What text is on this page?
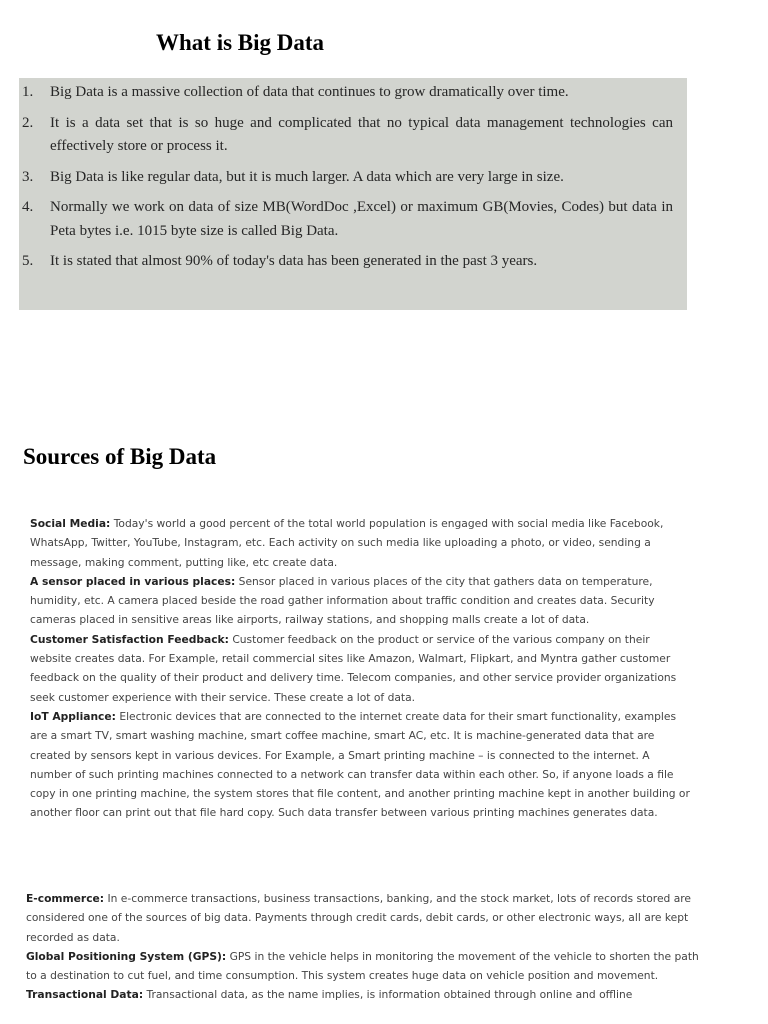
What is Big Data
1. Big Data is a massive collection of data that continues to grow dramatically over time.
2. It is a data set that is so huge and complicated that no typical data management technologies can effectively store or process it.
3. Big Data is like regular data, but it is much larger. A data which are very large in size.
4. Normally we work on data of size MB(WordDoc ,Excel) or maximum GB(Movies, Codes) but data in Peta bytes i.e. 1015 byte size is called Big Data.
5. It is stated that almost 90% of today's data has been generated in the past 3 years.
Sources of Big Data

Social Media: Today's world a good percent of the total world population is engaged with social media like Facebook, WhatsApp, Twitter, YouTube, Instagram, etc. Each activity on such media like uploading a photo, or video, sending a message, making comment, putting like, etc create data.

A sensor placed in various places: Sensor placed in various places of the city that gathers data on temperature, humidity, etc. A camera placed beside the road gather information about traffic condition and creates data. Security cameras placed in sensitive areas like airports, railway stations, and shopping malls create a lot of data.

Customer Satisfaction Feedback: Customer feedback on the product or service of the various company on their website creates data. For Example, retail commercial sites like Amazon, Walmart, Flipkart, and Myntra gather customer feedback on the quality of their product and delivery time. Telecom companies, and other service provider organizations seek customer experience with their service. These create a lot of data.

IoT Appliance: Electronic devices that are connected to the internet create data for their smart functionality, examples are a smart TV, smart washing machine, smart coffee machine, smart AC, etc. It is machine-generated data that are created by sensors kept in various devices. For Example, a Smart printing machine – is connected to the internet. A number of such printing machines connected to a network can transfer data within each other. So, if anyone loads a file copy in one printing machine, the system stores that file content, and another printing machine kept in another building or another floor can print out that file hard copy. Such data transfer between various printing machines generates data.

E-commerce: In e-commerce transactions, business transactions, banking, and the stock market, lots of records stored are considered one of the sources of big data. Payments through credit cards, debit cards, or other electronic ways, all are kept recorded as data.

Global Positioning System (GPS): GPS in the vehicle helps in monitoring the movement of the vehicle to shorten the path to a destination to cut fuel, and time consumption. This system creates huge data on vehicle position and movement.

Transactional Data: Transactional data, as the name implies, is information obtained through online and offline
